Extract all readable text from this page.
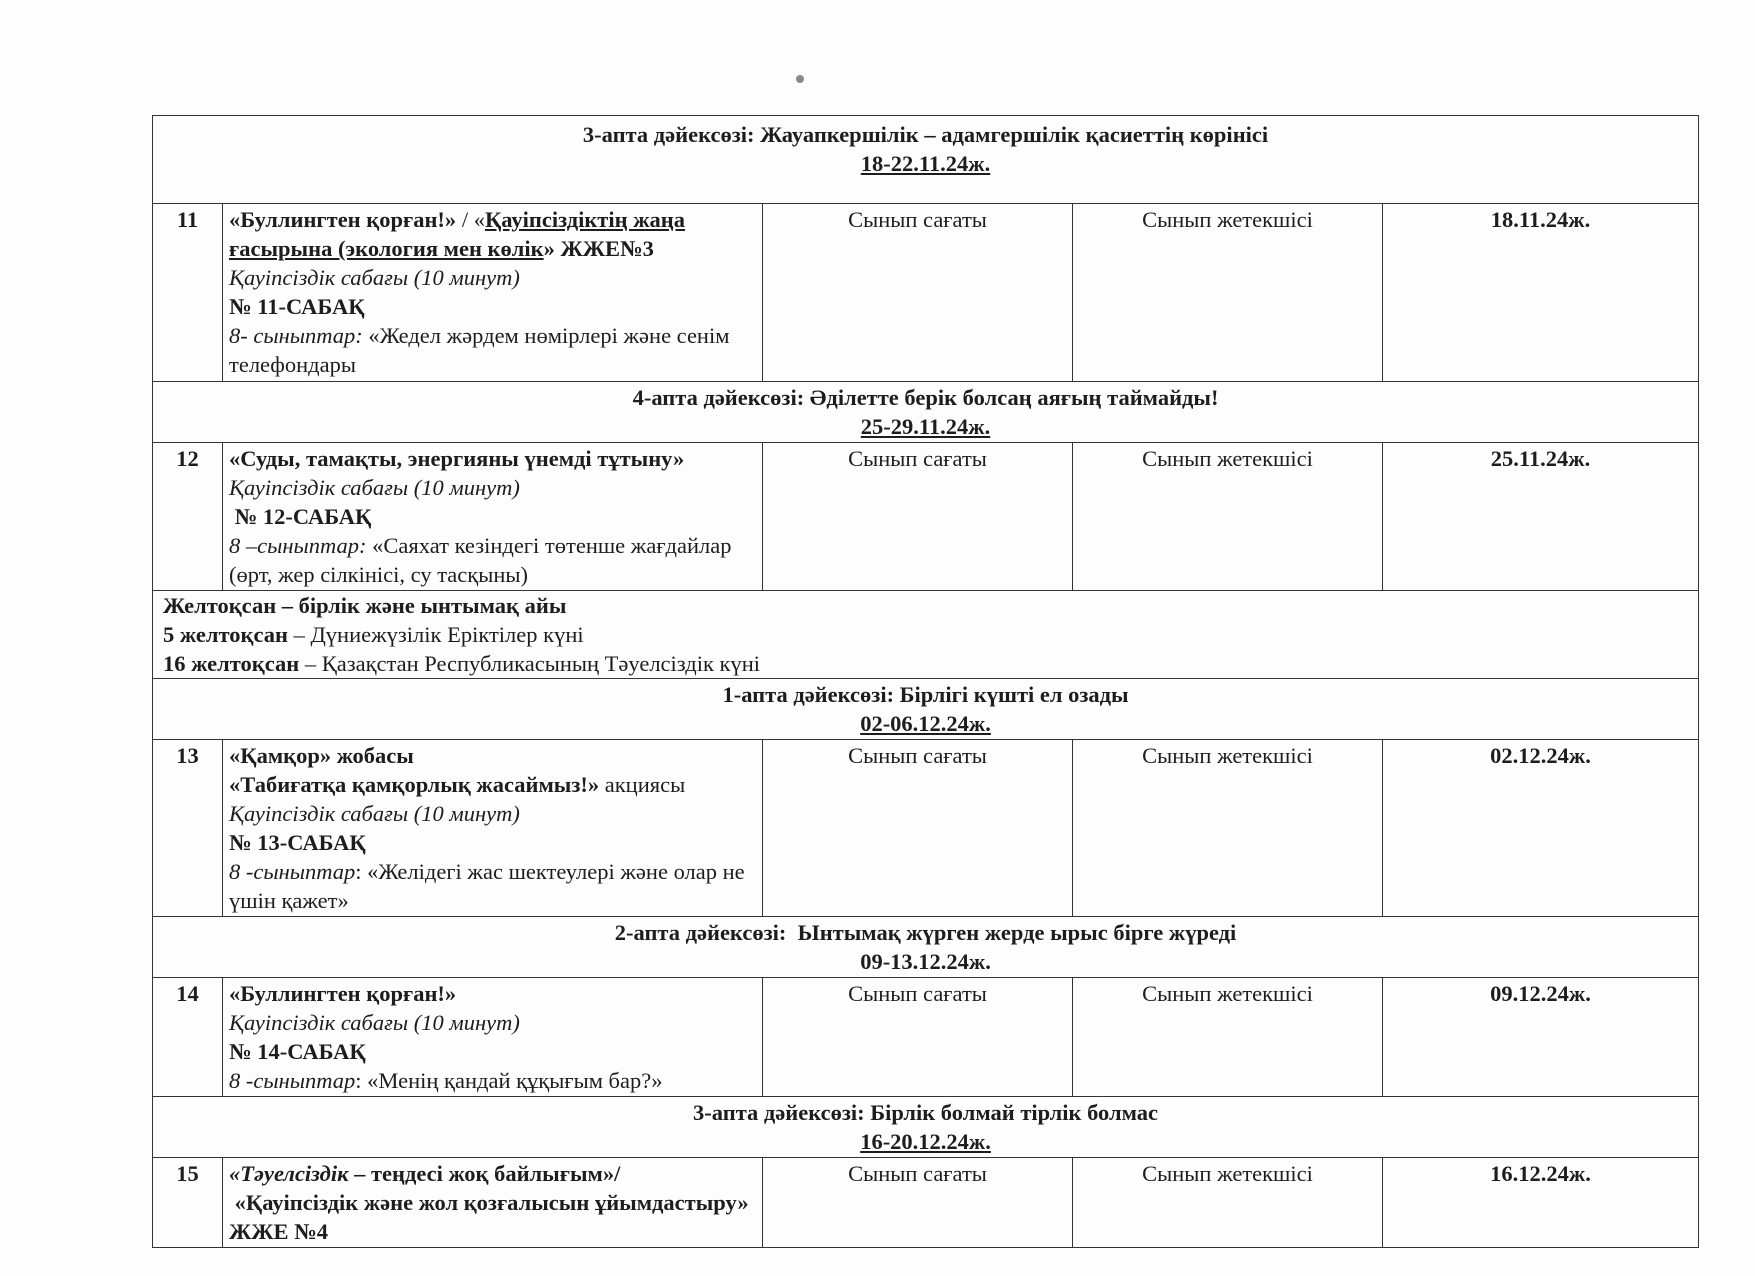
3-апта дәйексөзі: Жауапкершілік – адамгершілік қасиеттің көрінісі
18-22.11.24ж.				

11	«Буллингтен қорған!» / «Қауіпсіздіктің жаңа ғасырына (экология мен көлік» ЖЖЕ№3
Қауіпсіздік сабағы (10 минут)
№ 11-САБАҚ
8- сыныптар: «Жедел жәрдем нөмірлері және сенім телефондары	Сынып сағаты	Сынып жетекшісі	18.11.24ж.

4-апта дәйексөзі: Әділетте берік болсаң аяғың таймайды!
25-29.11.24ж.				

12	«Суды, тамақты, энергияны үнемді тұтыну»
Қауіпсіздік сабағы (10 минут)
№ 12-САБАҚ
8 –сыныптар: «Саяхат кезіндегі төтенше жағдайлар (өрт, жер сілкінісі, су тасқыны)	Сынып сағаты	Сынып жетекшісі	25.11.24ж.

Желтоқсан – бірлік және ынтымақ айы
5 желтоқсан – Дүниежүзілік Еріктілер күні
16 желтоқсан – Қазақстан Республикасының Тәуелсіздік күні				

1-апта дәйексөзі: Бірлігі күшті ел озады
02-06.12.24ж.				

13	«Қамқор» жобасы
«Табиғатқа қамқорлық жасаймыз!» акциясы
Қауіпсіздік сабағы (10 минут)
№ 13-САБАҚ
8 -сыныптар: «Желідегі жас шектеулері және олар не үшін қажет»	Сынып сағаты	Сынып жетекшісі	02.12.24ж.

2-апта дәйексөзі:  Ынтымақ жүрген жерде ырыс бірге жүреді
09-13.12.24ж.				

14	«Буллингтен қорған!»
Қауіпсіздік сабағы (10 минут)
№ 14-САБАҚ
8 -сыныптар: «Менің қандай құқығым бар?»	Сынып сағаты	Сынып жетекшісі	09.12.24ж.

3-апта дәйексөзі: Бірлік болмай тірлік болмас
16-20.12.24ж.				

15	«Тәуелсіздік – теңдесі жоқ байлығым»/
«Қауіпсіздік және жол қозғалысын ұйымдастыру»   ЖЖЕ №4	Сынып сағаты	Сынып жетекшісі	16.12.24ж.
